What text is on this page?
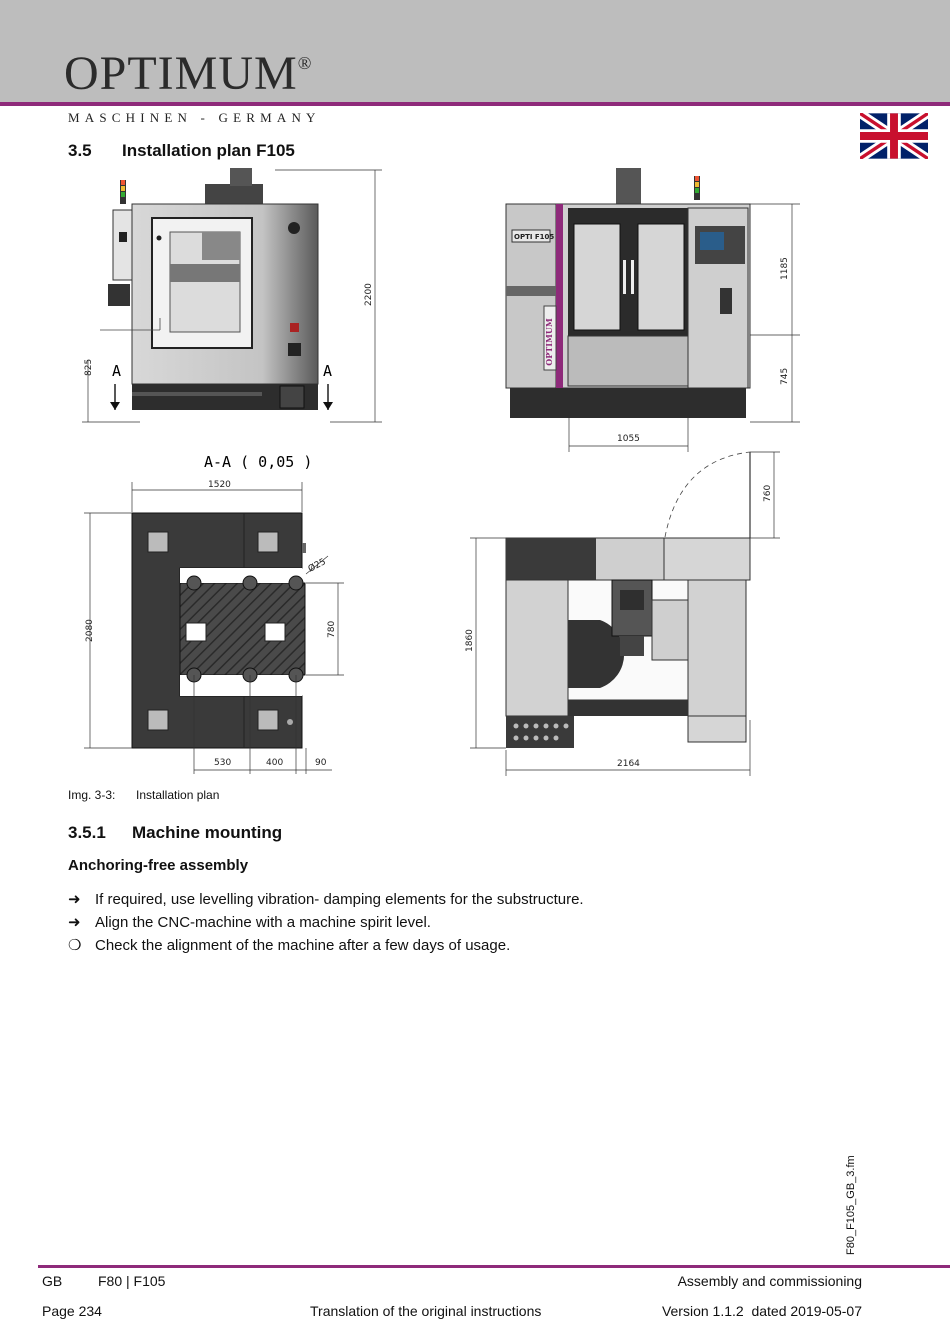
OPTIMUM®
MASCHINEN - GERMANY
3.5 Installation plan F105
825
2200
A	A
OPTI F105
OPTIMUM
1185
745
1055
A-A ( 0,05 )
1520
Ø25
2080	780
530	400	90
760
1860
2164
Img. 3-3: Installation plan
3.5.1 Machine mounting
Anchoring-free assembly
➜ If required, use levelling vibration- damping elements for the substructure.
➜ Align the CNC-machine with a machine spirit level.
❍ Check the alignment of the machine after a few days of usage.
F80_F105_GB_3.fm
GB	F80 | F105	Assembly and commissioning
Page 234	Translation of the original instructions	Version 1.1.2  dated 2019-05-07
